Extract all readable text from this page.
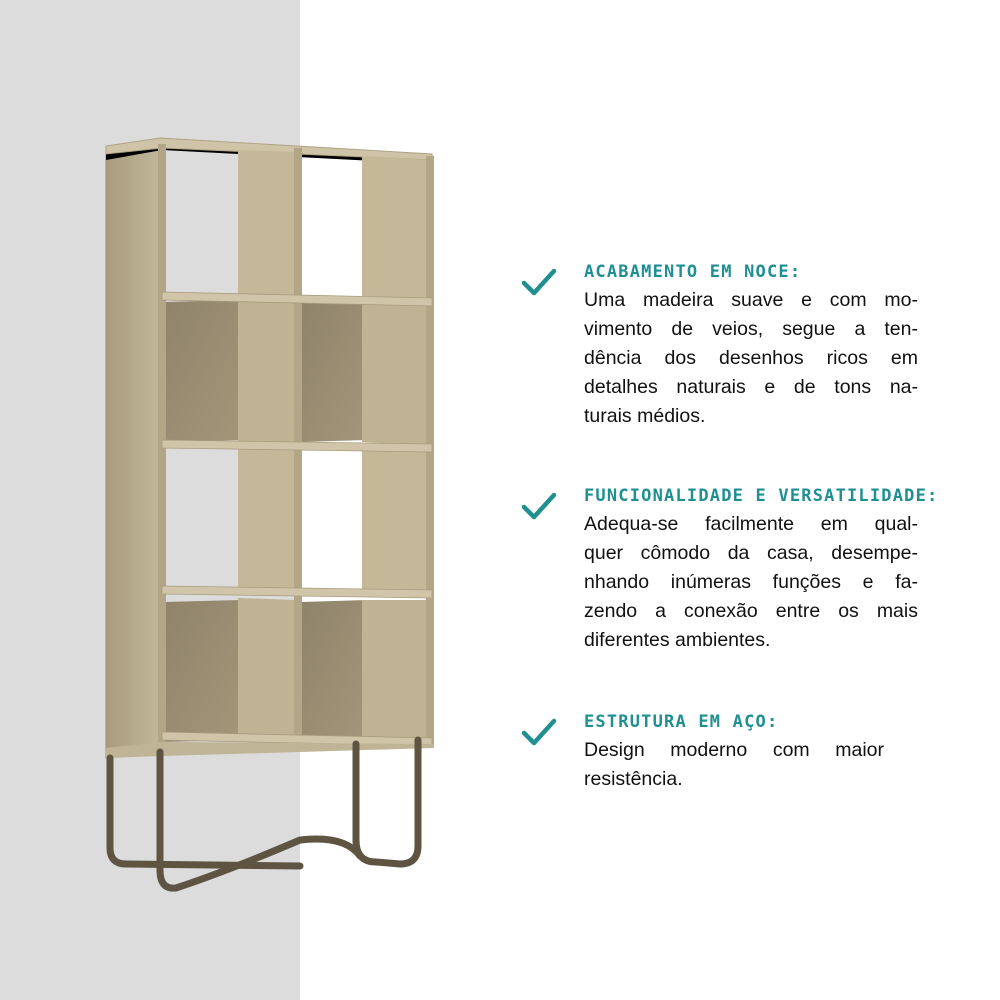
ACABAMENTO EM NOCE:
Uma madeira suave e com mo-
vimento de veios, segue a ten-
dência dos desenhos ricos em
detalhes naturais e de tons na-
turais médios.
FUNCIONALIDADE E VERSATILIDADE:
Adequa-se facilmente em qual-
quer cômodo da casa, desempe-
nhando inúmeras funções e fa-
zendo a conexão entre os mais
diferentes ambientes.
ESTRUTURA EM AÇO:
Design moderno com maior
resistência.
